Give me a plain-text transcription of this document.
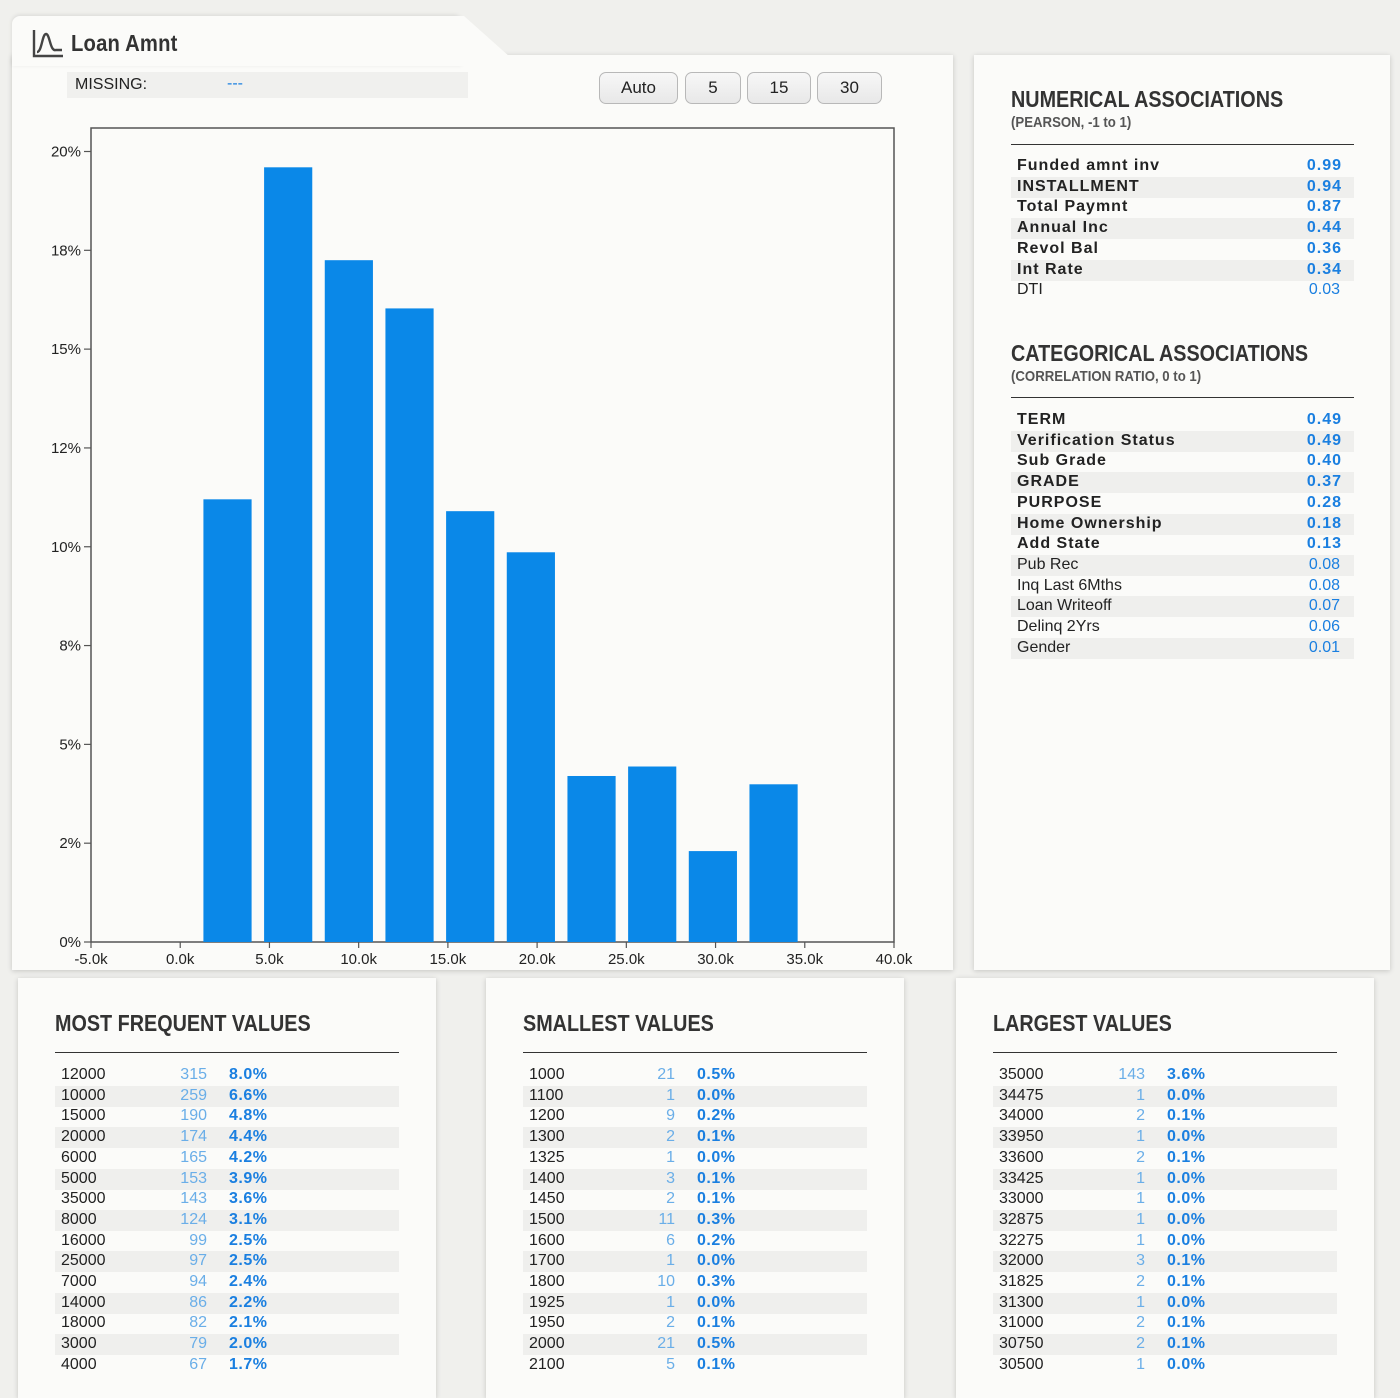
Loan Amnt
MISSING:	---	Auto	5	15	30
0%
2%
5%
8%
10%
12%
15%
18%
20%
-5.0k	0.0k	5.0k	10.0k	15.0k	20.0k	25.0k	30.0k	35.0k	40.0k
NUMERICAL ASSOCIATIONS
(PEARSON, -1 to 1)
Funded amnt inv	0.99
INSTALLMENT	0.94
Total Paymnt	0.87
Annual Inc	0.44
Revol Bal	0.36
Int Rate	0.34
DTI	0.03
CATEGORICAL ASSOCIATIONS
(CORRELATION RATIO, 0 to 1)
TERM	0.49
Verification Status	0.49
Sub Grade	0.40
GRADE	0.37
PURPOSE	0.28
Home Ownership	0.18
Add State	0.13
Pub Rec	0.08
Inq Last 6Mths	0.08
Loan Writeoff	0.07
Delinq 2Yrs	0.06
Gender	0.01
MOST FREQUENT VALUES
12000	315 8.0%
10000	259 6.6%
15000	190 4.8%
20000	174 4.4%
6000	165 4.2%
5000	153 3.9%
35000	143 3.6%
8000	124 3.1%
16000	99 2.5%
25000	97 2.5%
7000	94 2.4%
14000	86 2.2%
18000	82 2.1%
3000	79 2.0%
4000	67 1.7%
SMALLEST VALUES
1000	21 0.5%
1100	1 0.0%
1200	9 0.2%
1300	2 0.1%
1325	1 0.0%
1400	3 0.1%
1450	2 0.1%
1500	11 0.3%
1600	6 0.2%
1700	1 0.0%
1800	10 0.3%
1925	1 0.0%
1950	2 0.1%
2000	21 0.5%
2100	5 0.1%
LARGEST VALUES
35000	143 3.6%
34475	1 0.0%
34000	2 0.1%
33950	1 0.0%
33600	2 0.1%
33425	1 0.0%
33000	1 0.0%
32875	1 0.0%
32275	1 0.0%
32000	3 0.1%
31825	2 0.1%
31300	1 0.0%
31000	2 0.1%
30750	2 0.1%
30500	1 0.0%
